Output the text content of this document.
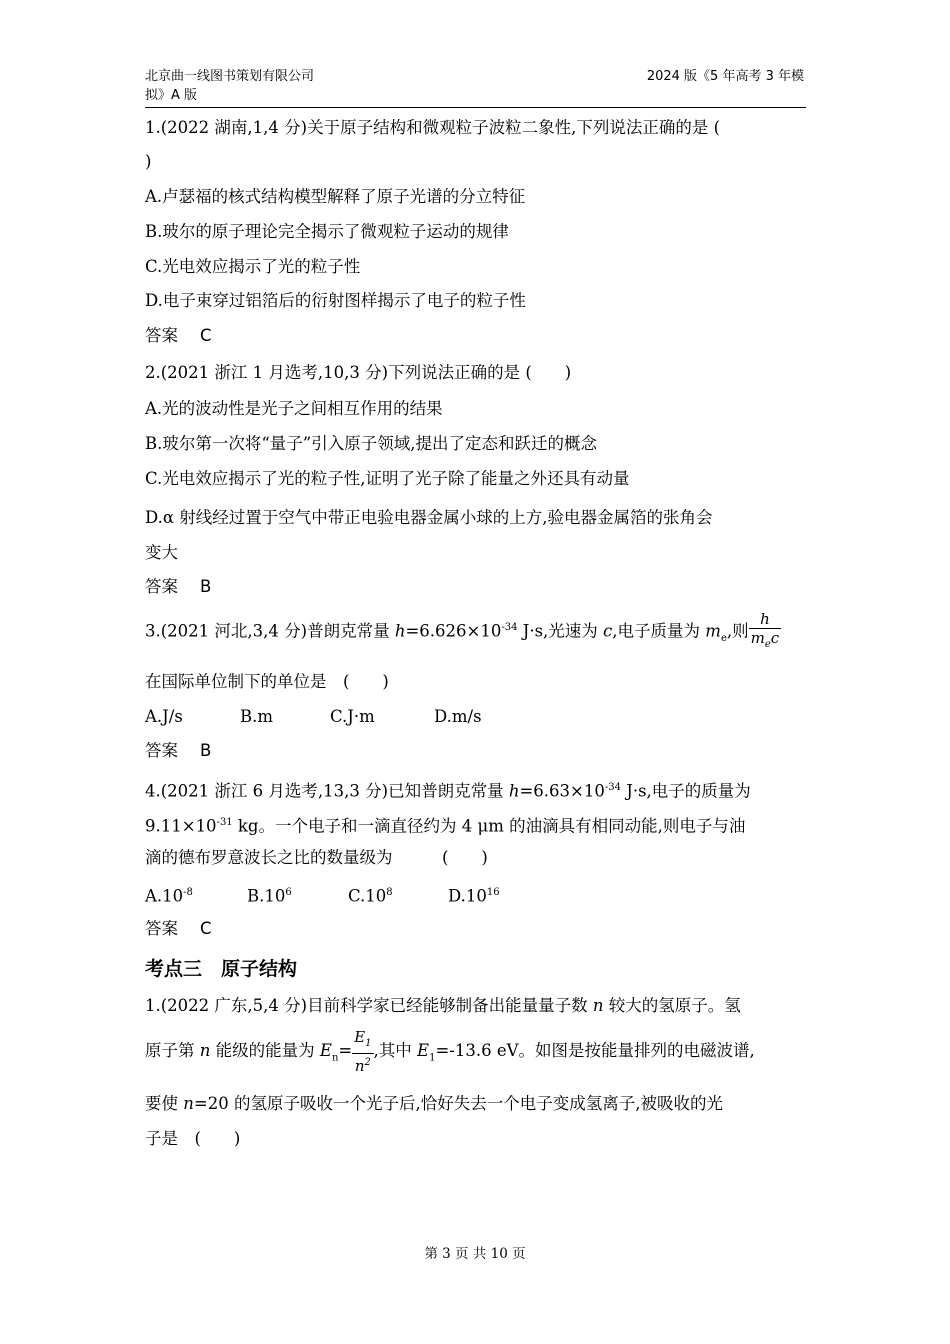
北京曲一线图书策划有限公司
拟》A 版
2024 版《5 年高考 3 年模
1.(2022 湖南,1,4 分)关于原子结构和微观粒子波粒二象性,下列说法正确的是 (
)
A.卢瑟福的核式结构模型解释了原子光谱的分立特征
B.玻尔的原子理论完全揭示了微观粒子运动的规律
C.光电效应揭示了光的粒子性
D.电子束穿过铝箔后的衍射图样揭示了电子的粒子性
答案 C
2.(2021 浙江 1 月选考,10,3 分)下列说法正确的是 (　　)
A.光的波动性是光子之间相互作用的结果
B.玻尔第一次将“量子”引入原子领域,提出了定态和跃迁的概念
C.光电效应揭示了光的粒子性,证明了光子除了能量之外还具有动量
D.α 射线经过置于空气中带正电验电器金属小球的上方,验电器金属箔的张角会
变大
答案 B
3.(2021 河北,3,4 分)普朗克常量 $h=6.626\times 10^{-34}$ J·s,光速为 c,电子质量为 $m_e$,则 $\frac{h}{m_ec}$
在国际单位制下的单位是　(　　)
A.J/s	B.m	C.J·m	D.m/s
答案 B
4.(2021 浙江 6 月选考,13,3 分)已知普朗克常量 $h=6.63\times 10^{-34}$ J·s,电子的质量为
$9.11\times 10^{-31}$ kg。一个电子和一滴直径约为 4 μm 的油滴具有相同动能,则电子与油
滴的德布罗意波长之比的数量级为　　　(　　)
$A.10^{-8}$	$B.10^6$	$C.10^8$	$D.10^{16}$
答案 C
考点三　原子结构
1.(2022 广东,5,4 分)目前科学家已经能够制备出能量量子数 n 较大的氢原子。氢
原子第 n 能级的能量为 $E_n= \frac{E_1}{n^2}$ ,其中 $E_1=-13.6$ eV。如图是按能量排列的电磁波谱,
要使 n=20 的氢原子吸收一个光子后,恰好失去一个电子变成氢离子,被吸收的光
子是　(　　)
第 3 页 共 10 页
